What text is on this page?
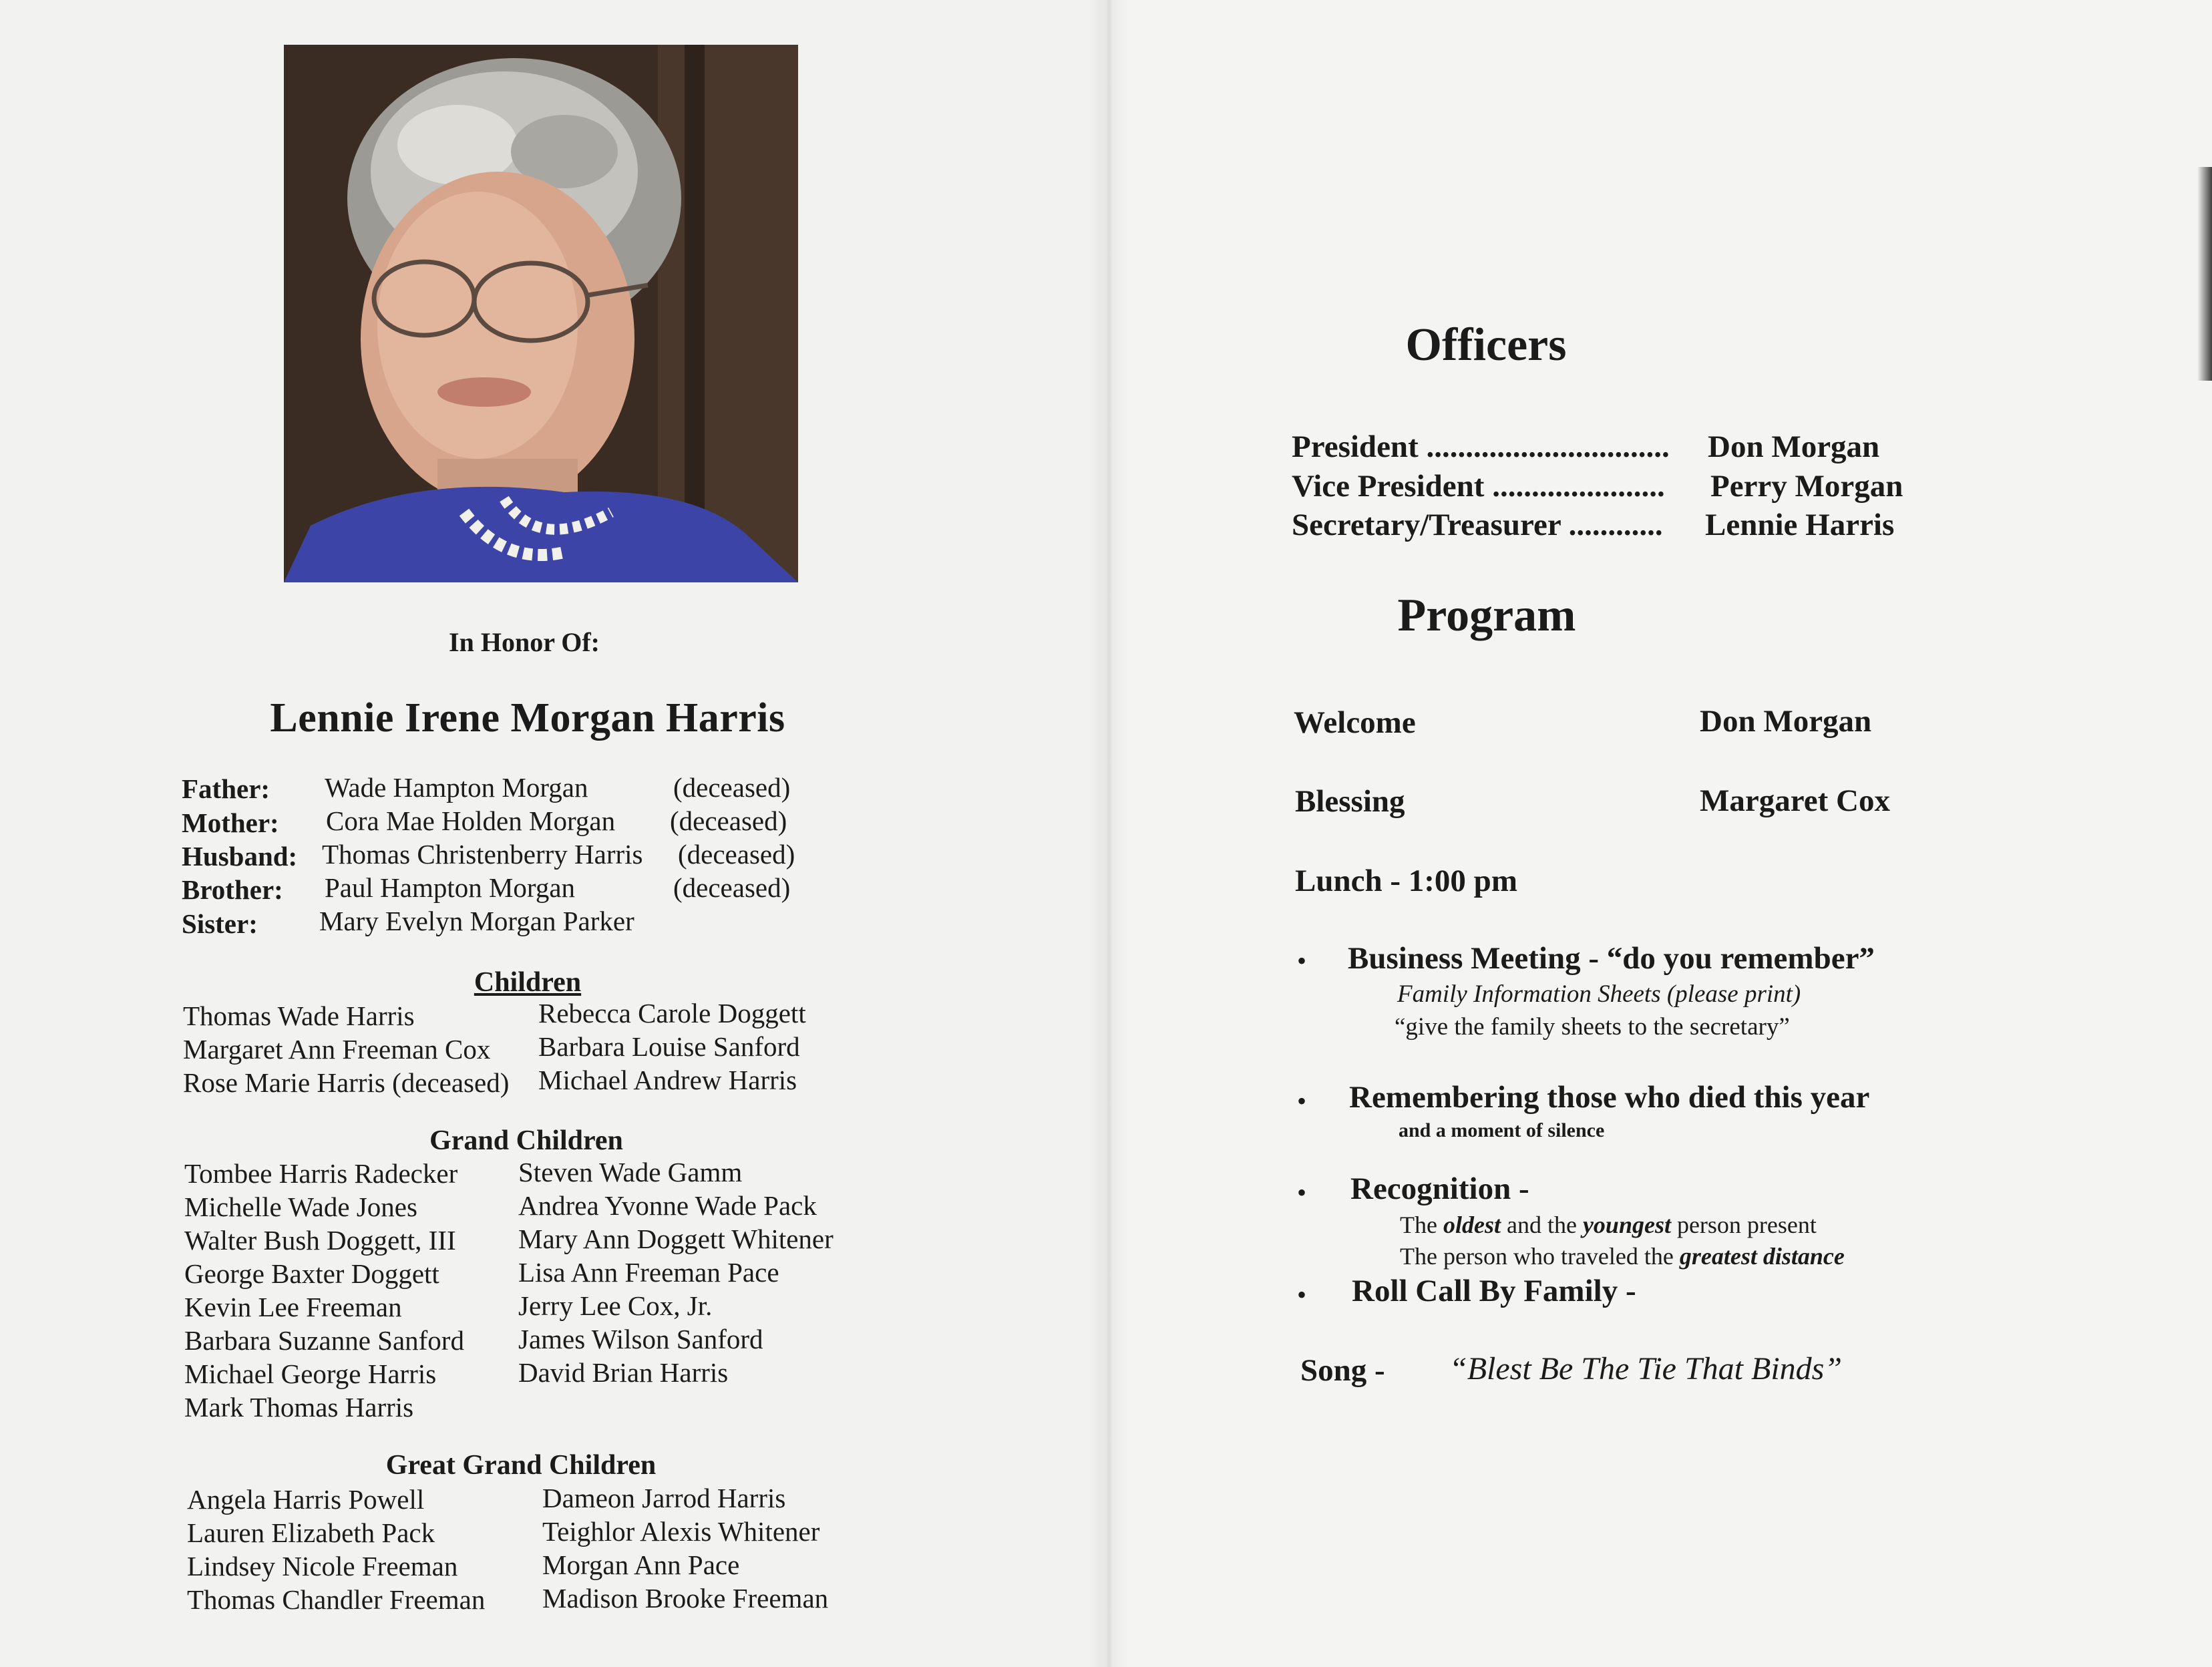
In Honor Of:
Lennie Irene Morgan Harris
Father: Wade Hampton Morgan	(deceased)
Mother: Cora Mae Holden Morgan (deceased)
Husband: Thomas Christenberry Harris (deceased)
Brother: Paul Hampton Morgan	(deceased)
Sister: Mary Evelyn Morgan Parker
Children
Thomas Wade Harris
Margaret Ann Freeman Cox
Rose Marie Harris (deceased)
Rebecca Carole Doggett
Barbara Louise Sanford
Michael Andrew Harris
Grand Children
Tombee Harris Radecker
Michelle Wade Jones
Walter Bush Doggett, III
George Baxter Doggett
Kevin Lee Freeman
Barbara Suzanne Sanford
Michael George Harris
Mark Thomas Harris
Steven Wade Gamm
Andrea Yvonne Wade Pack
Mary Ann Doggett Whitener
Lisa Ann Freeman Pace
Jerry Lee Cox, Jr.
James Wilson Sanford
David Brian Harris
Great Grand Children
Angela Harris Powell
Lauren Elizabeth Pack
Lindsey Nicole Freeman
Thomas Chandler Freeman
Dameon Jarrod Harris
Teighlor Alexis Whitener
Morgan Ann Pace
Madison Brooke Freeman
Officers
President ............................... Don Morgan
Vice President ...................... Perry Morgan
Secretary/Treasurer ............ Lennie Harris
Program
Welcome	Don Morgan
Blessing	Margaret Cox
Lunch - 1:00 pm
• Business Meeting - “do you remember”
Family Information Sheets (please print)
“give the family sheets to the secretary”
• Remembering those who died this year
and a moment of silence
• Recognition -
The oldest and the youngest person present
The person who traveled the greatest distance
• Roll Call By Family -
Song - “Blest Be The Tie That Binds”
